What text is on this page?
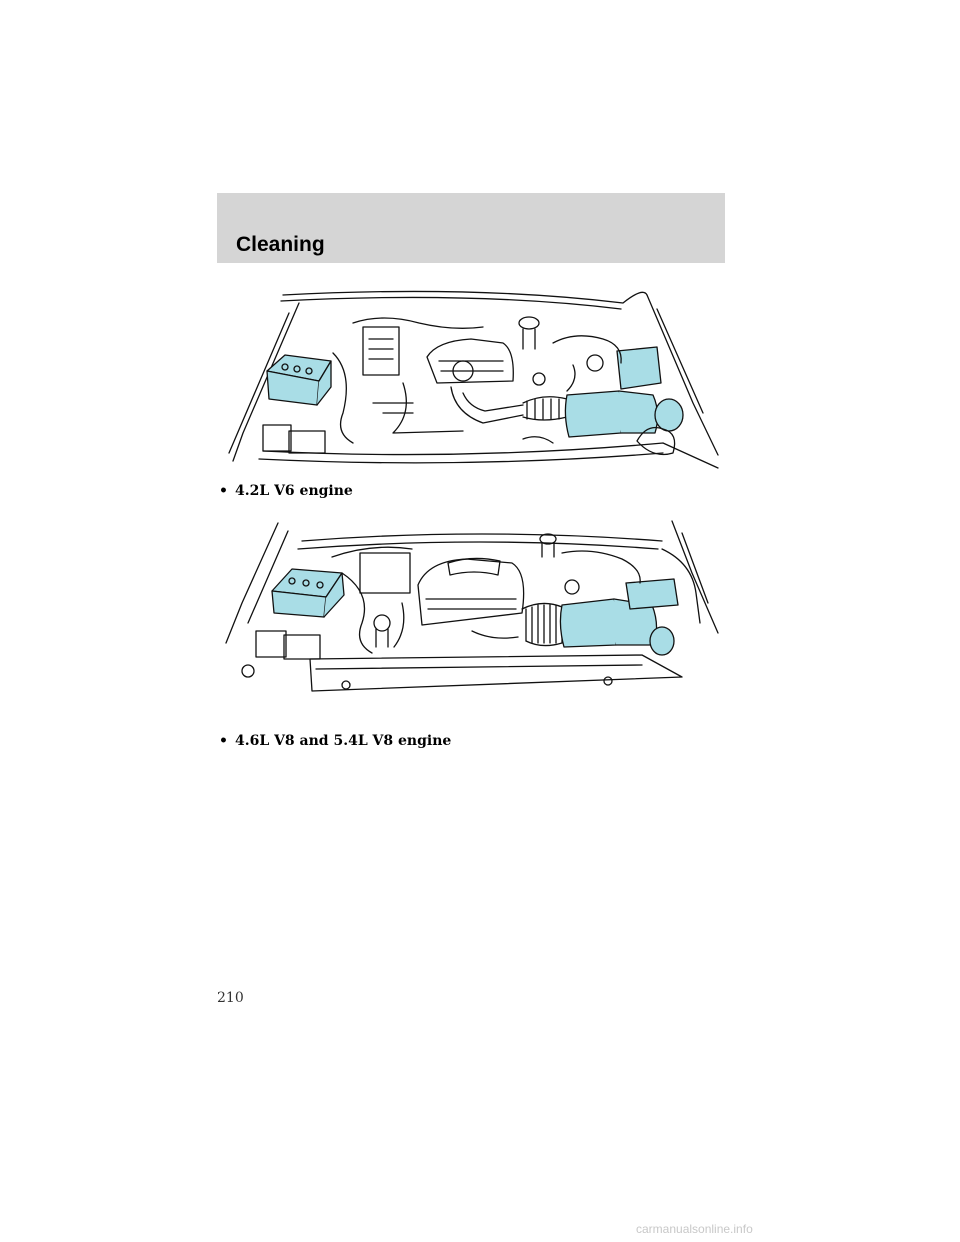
Cleaning
• 4.2L V6 engine
• 4.6L V8 and 5.4L V8 engine
210
carmanualsonline.info
